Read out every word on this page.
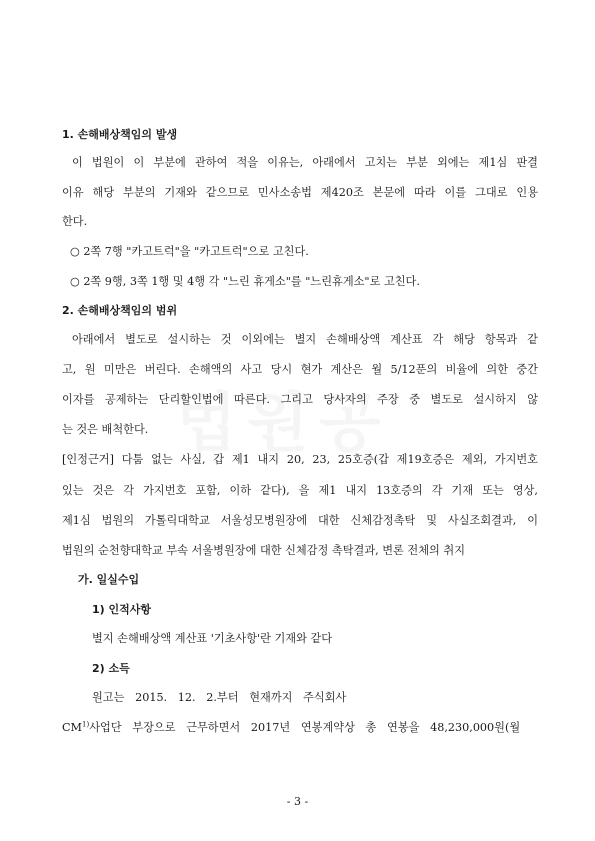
1. 손해배상책임의 발생
이 법원이 이 부분에 관하여 적을 이유는, 아래에서 고치는 부분 외에는 제1심 판결
이유 해당 부분의 기재와 같으므로 민사소송법 제420조 본문에 따라 이를 그대로 인용
한다.
○ 2쪽 7행 "카고트럭"을 "카고트럭"으로 고친다.
○ 2쪽 9행, 3쪽 1행 및 4행 각 "느린 휴게소"를 "느린휴게소"로 고친다.
2. 손해배상책임의 범위
아래에서 별도로 설시하는 것 이외에는 별지 손해배상액 계산표 각 해당 항목과 같
고, 원 미만은 버린다. 손해액의 사고 당시 현가 계산은 월 5/12푼의 비율에 의한 중간
이자를 공제하는 단리할인법에 따른다. 그리고 당사자의 주장 중 별도로 설시하지 않
는 것은 배척한다.
[인정근거] 다툼 없는 사실, 갑 제1 내지 20, 23, 25호증(갑 제19호증은 제외, 가지번호
있는 것은 각 가지번호 포함, 이하 같다), 을 제1 내지 13호증의 각 기재 또는 영상,
제1심 법원의 가톨릭대학교 서울성모병원장에 대한 신체감정촉탁 및 사실조회결과, 이
법원의 순천향대학교 부속 서울병원장에 대한 신체감정 촉탁결과, 변론 전체의 취지
가. 일실수입
1) 인적사항
별지 손해배상액 계산표 '기초사항'란 기재와 같다
2) 소득
원고는   2015.   12.   2.부터   현재까지   주식회사
CM$^{1)}$사업단   부장으로   근무하면서   2017년   연봉계약상   총   연봉을   48,230,000원(월
- 3 -
